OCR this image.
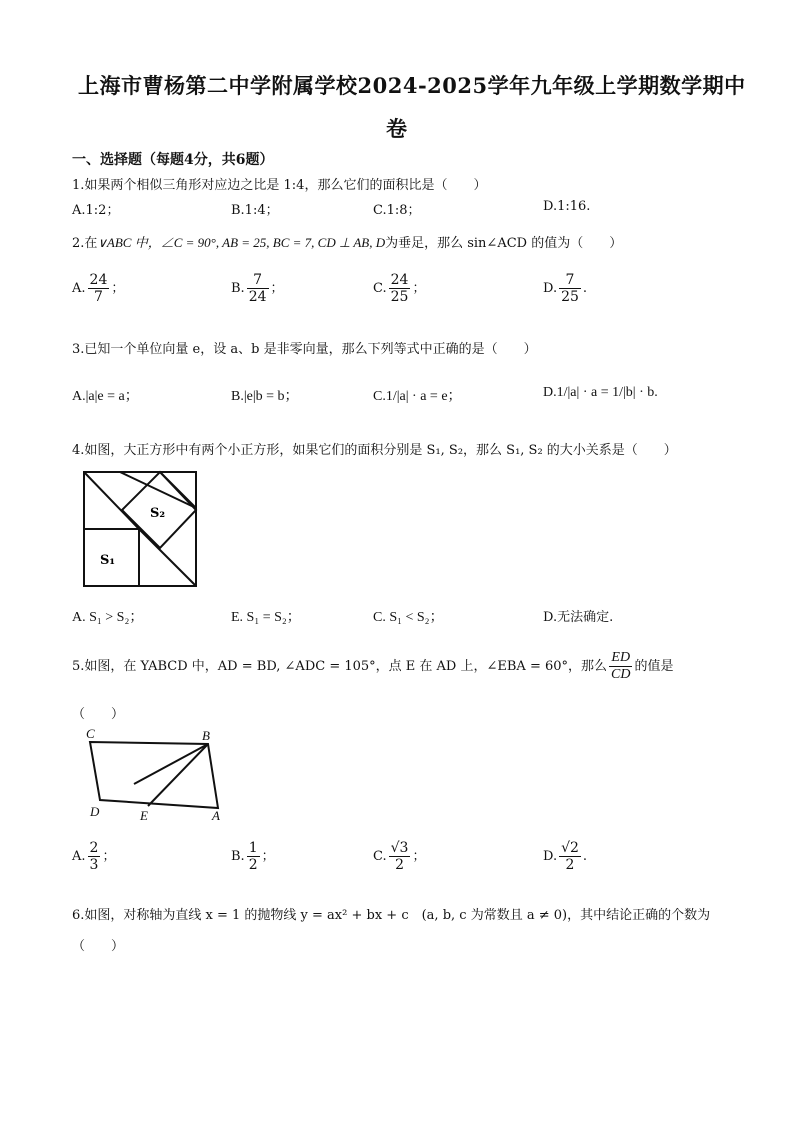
上海市曹杨第二中学附属学校2024-2025学年九年级上学期数学期中
卷
一、选择题（每题4分，共6题）
1.如果两个相似三角形对应边之比是 1:4，那么它们的面积比是（　　）
A.1:2；	B.1:4；	C.1:8；	D.1:16.
2.在∨ABC 中，∠C = 90°, AB = 25, BC = 7, CD ⊥ AB, D为垂足，那么 sin∠ACD 的值为（　　）
A. $\frac{24}{7}$ ；	B. $\frac{7}{24}$ ；	C. $\frac{24}{25}$ ；	D. $\frac{7}{25}$ .
3.已知一个单位向量 e，设 a、b 是非零向量，那么下列等式中正确的是（　　）
A.|a|e = a；	B.|e|b = b；	C.1/|a| · a = e；	D.1/|a| · a = 1/|b| · b.
4.如图，大正方形中有两个小正方形，如果它们的面积分别是 S₁, S₂，那么 S₁, S₂ 的大小关系是（　　）
S₂
S₁
A. S₁ > S₂；	E. S₁ = S₂；	C. S₁ < S₂；	D.无法确定.
5.如图，在 YABCD 中，AD = BD, ∠ADC = 105°，点 E 在 AD 上，∠EBA = 60°，那么 $\frac{ED}{CD}$ 的值是
（　　）
C	B
D	E	A
A. $\frac{2}{3}$ ；	B. $\frac{1}{2}$ ；	C. $\frac{√3}{2}$ ；	D. $\frac{√2}{2}$ .
6.如图，对称轴为直线 x = 1 的抛物线 y = ax² + bx + c　(a, b, c 为常数且 a ≠ 0)，其中结论正确的个数为
（　　）
